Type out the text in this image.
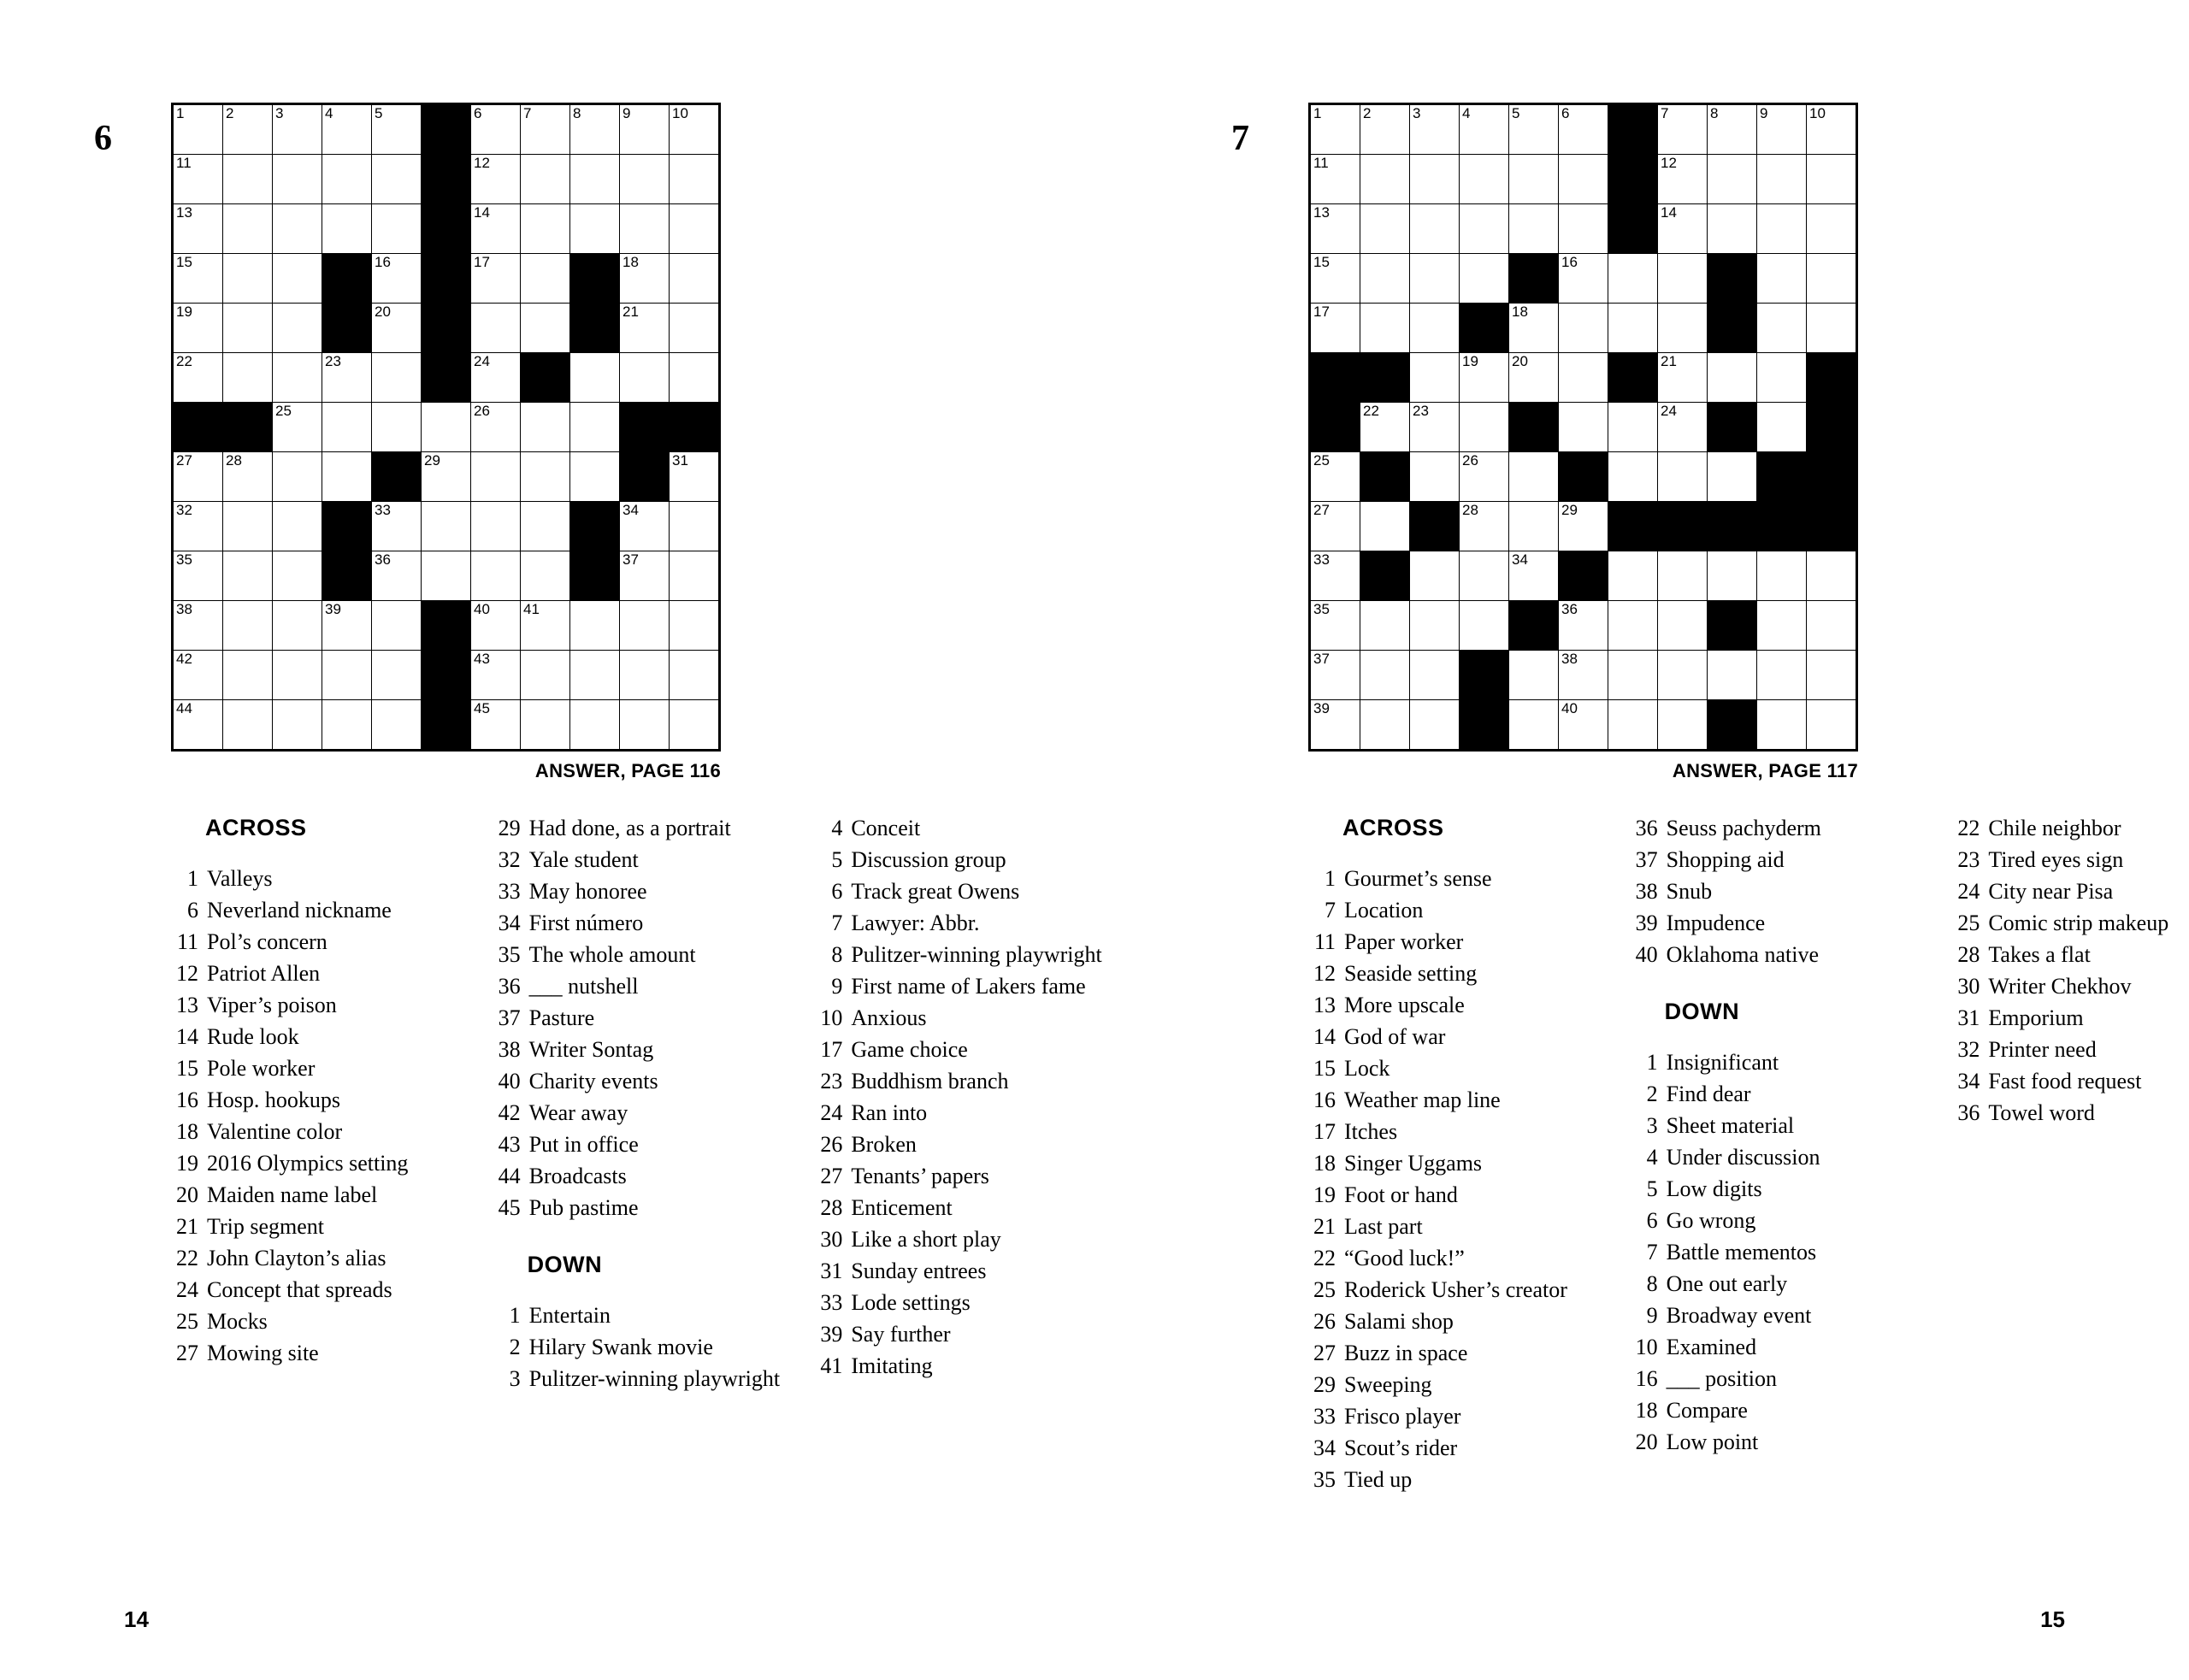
6
1	2	3	4	5		6	7	8	9	10

11						12				

13						14				

15				16		17			18	

19				20					21	

22			23			24				

		25				26				

27	28				29					31

32				33					34	

35				36					37	

38			39			40	41			

42						43				

44						45				

ANSWER, PAGE 116
ACROSS
1 Valleys
6 Neverland nickname
11 Pol’s concern
12 Patriot Allen
13 Viper’s poison
14 Rude look
15 Pole worker
16 Hosp. hookups
18 Valentine color
19 2016 Olympics setting
20 Maiden name label
21 Trip segment
22 John Clayton’s alias
24 Concept that spreads
25 Mocks
27 Mowing site
29 Had done, as a portrait
32 Yale student
33 May honoree
34 First número
35 The whole amount
36 ___ nutshell
37 Pasture
38 Writer Sontag
40 Charity events
42 Wear away
43 Put in office
44 Broadcasts
45 Pub pastime
DOWN
1 Entertain
2 Hilary Swank movie
3 Pulitzer-winning playwright
4 Conceit
5 Discussion group
6 Track great Owens
7 Lawyer: Abbr.
8 Pulitzer-winning playwright
9 First name of Lakers fame
10 Anxious
17 Game choice
23 Buddhism branch
24 Ran into
26 Broken
27 Tenants’ papers
28 Enticement
30 Like a short play
31 Sunday entrees
33 Lode settings
39 Say further
41 Imitating
7
1	2	3	4	5	6		7	8	9	10

11							12			

13							14			

15					16					

17				18						

			19	20			21			

	22	23					24			

25			26							

27			28		29					

33				34						

35					36					

37					38					

39					40					

ANSWER, PAGE 117
ACROSS
1 Gourmet’s sense
7 Location
11 Paper worker
12 Seaside setting
13 More upscale
14 God of war
15 Lock
16 Weather map line
17 Itches
18 Singer Uggams
19 Foot or hand
21 Last part
22 “Good luck!”
25 Roderick Usher’s creator
26 Salami shop
27 Buzz in space
29 Sweeping
33 Frisco player
34 Scout’s rider
35 Tied up
36 Seuss pachyderm
37 Shopping aid
38 Snub
39 Impudence
40 Oklahoma native
DOWN
1 Insignificant
2 Find dear
3 Sheet material
4 Under discussion
5 Low digits
6 Go wrong
7 Battle mementos
8 One out early
9 Broadway event
10 Examined
16 ___ position
18 Compare
20 Low point
22 Chile neighbor
23 Tired eyes sign
24 City near Pisa
25 Comic strip makeup
28 Takes a flat
30 Writer Chekhov
31 Emporium
32 Printer need
34 Fast food request
36 Towel word
14	15
